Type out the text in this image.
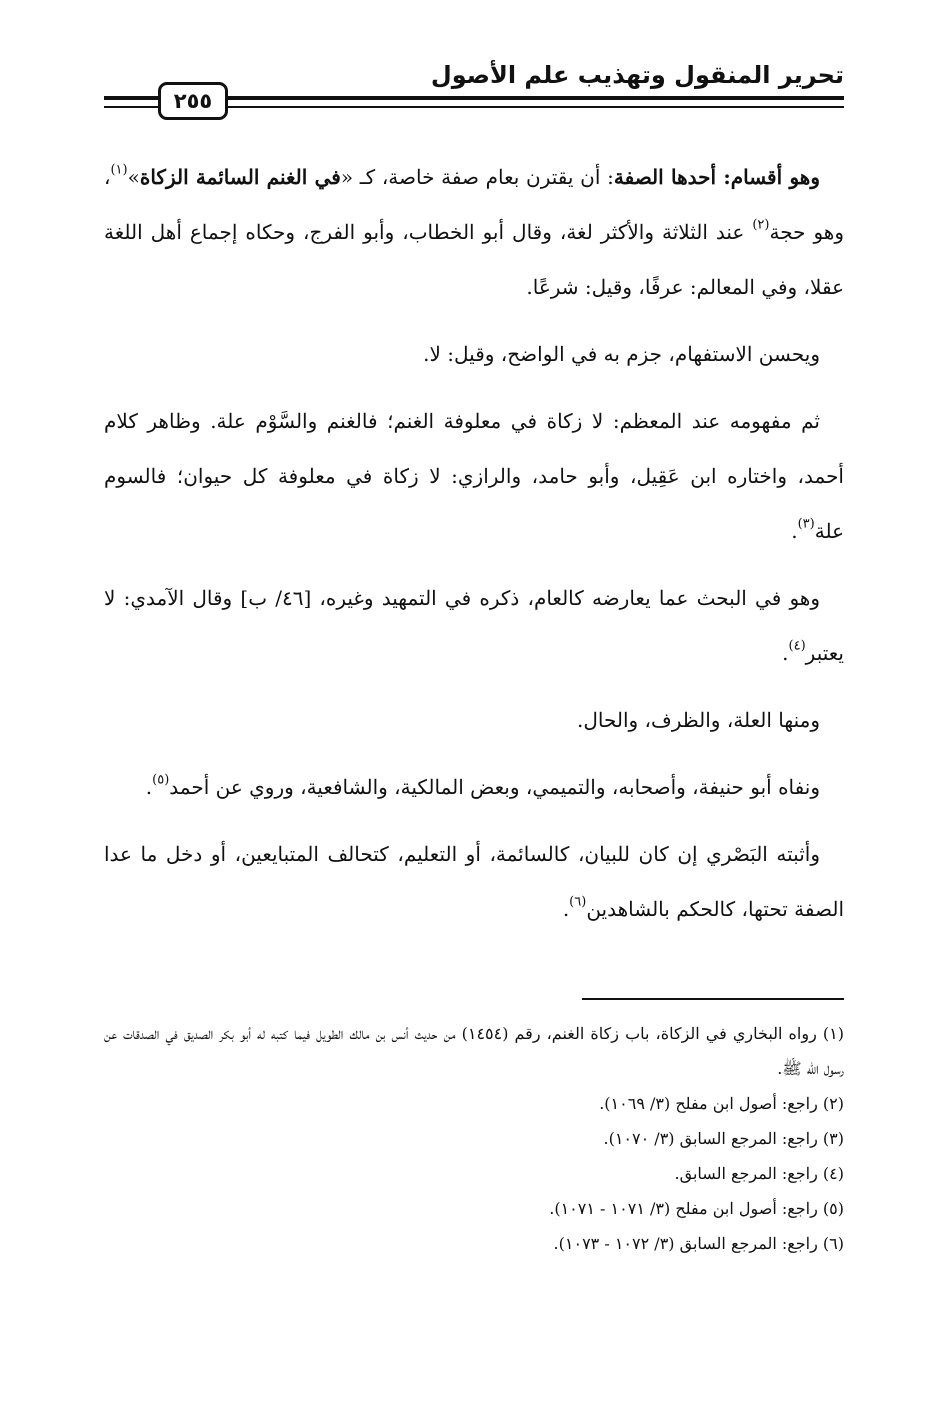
تحرير المنقول وتهذيب علم الأصول
٢٥٥

وهو أقسام: أحدها الصفة: أن يقترن بعام صفة خاصة، كـ «في الغنم السائمة الزكاة»$^{(١)}$، وهو حجة$^{(٢)}$ عند الثلاثة والأكثر لغة، وقال أبو الخطاب، وأبو الفرج، وحكاه إجماع أهل اللغة عقلا، وفي المعالم: عرفًا، وقيل: شرعًا.

ويحسن الاستفهام، جزم به في الواضح، وقيل: لا.

ثم مفهومه عند المعظم: لا زكاة في معلوفة الغنم؛ فالغنم والسَّوْم علة. وظاهر كلام أحمد، واختاره ابن عَقِيل، وأبو حامد، والرازي: لا زكاة في معلوفة كل حيوان؛ فالسوم علة$^{(٣)}$.

وهو في البحث عما يعارضه كالعام، ذكره في التمهيد وغيره، [٤٦/ ب] وقال الآمدي: لا يعتبر$^{(٤)}$.

ومنها العلة، والظرف، والحال.

ونفاه أبو حنيفة، وأصحابه، والتميمي، وبعض المالكية، والشافعية، وروي عن أحمد$^{(٥)}$.

وأثبته البَصْري إن كان للبيان، كالسائمة، أو التعليم، كتحالف المتبايعين، أو دخل ما عدا الصفة تحتها، كالحكم بالشاهدين$^{(٦)}$.

(١) رواه البخاري في الزكاة، باب زكاة الغنم، رقم (١٤٥٤) من حديث أنس بن مالك الطويل فيما كتبه له أبو بكر الصديق في الصدقات عن رسول الله ﷺ.

(٢) راجع: أصول ابن مفلح (٣/ ١٠٦٩).

(٣) راجع: المرجع السابق (٣/ ١٠٧٠).

(٤) راجع: المرجع السابق.

(٥) راجع: أصول ابن مفلح (٣/ ١٠٧١ - ١٠٧١).

(٦) راجع: المرجع السابق (٣/ ١٠٧٢ - ١٠٧٣).
